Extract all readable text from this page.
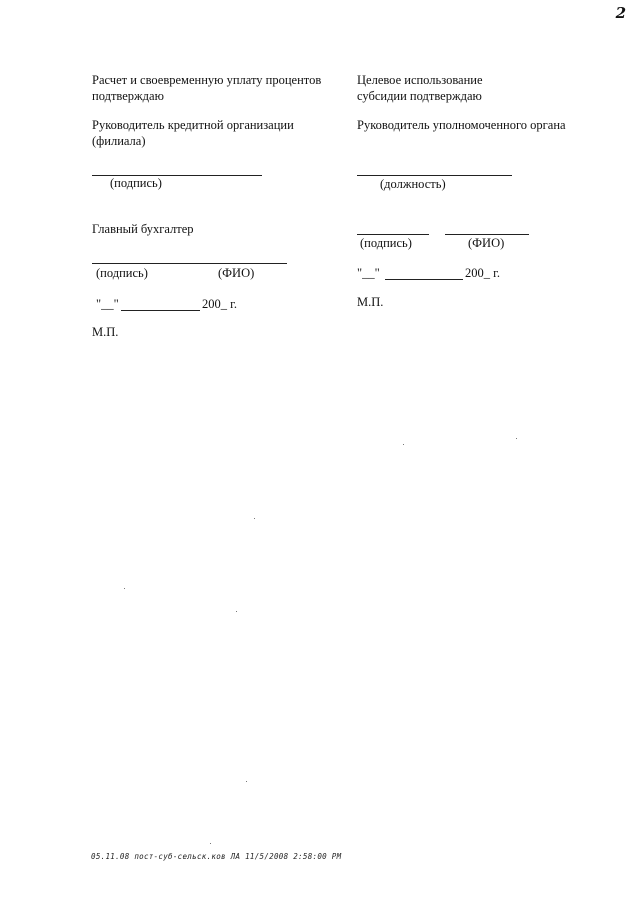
2
Расчет и своевременную уплату процентов
подтверждаю
Руководитель кредитной организации
(филиала)
(подпись)
Главный бухгалтер
(подпись)	(ФИО)
"__"	200_ г.
М.П.
Целевое использование
субсидии подтверждаю
Руководитель уполномоченного органа
(должность)
(подпись)	(ФИО)
"__"	200_ г.
М.П.
05.11.08 пост-суб-сельск.ков ЛА 11/5/2008 2:58:00 PM
